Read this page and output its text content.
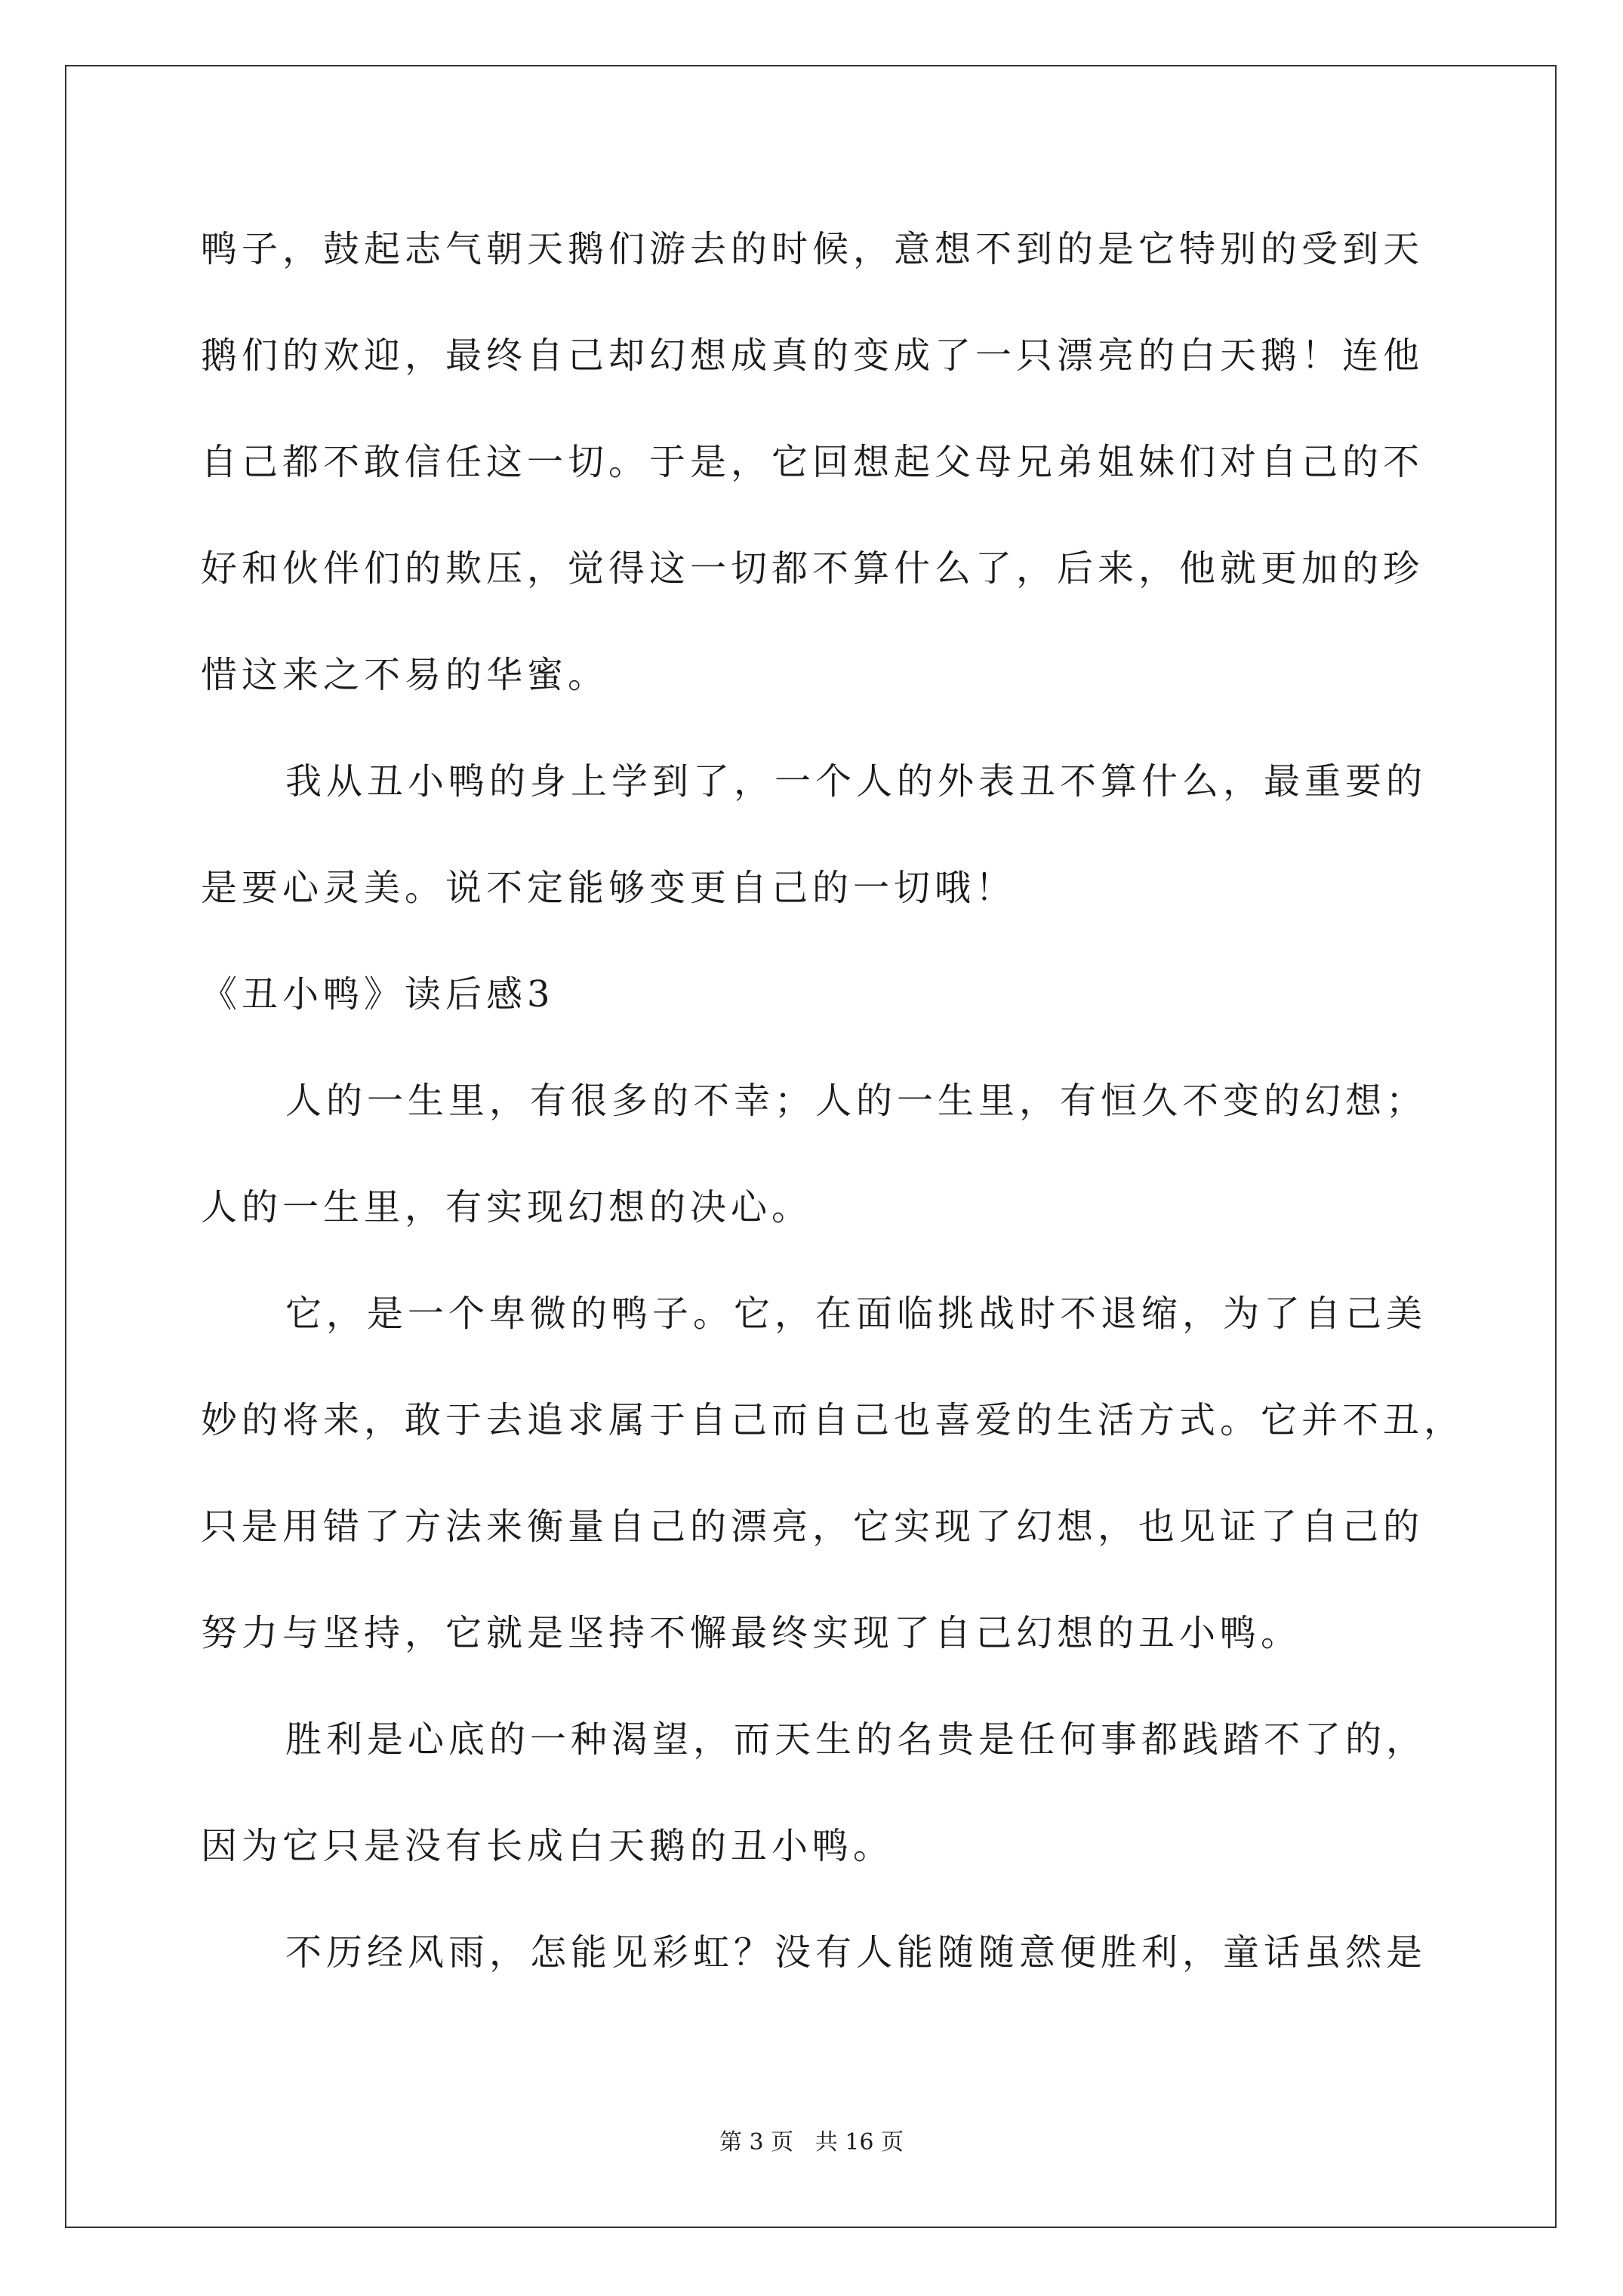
鸭子，鼓起志气朝天鹅们游去的时候，意想不到的是它特别的受到天
鹅们的欢迎，最终自己却幻想成真的变成了一只漂亮的白天鹅！连他
自己都不敢信任这一切。于是，它回想起父母兄弟姐妹们对自己的不
好和伙伴们的欺压，觉得这一切都不算什么了，后来，他就更加的珍
惜这来之不易的华蜜。
我从丑小鸭的身上学到了，一个人的外表丑不算什么，最重要的
是要心灵美。说不定能够变更自己的一切哦！
《丑小鸭》读后感3
人的一生里，有很多的不幸；人的一生里，有恒久不变的幻想；
人的一生里，有实现幻想的决心。
它，是一个卑微的鸭子。它，在面临挑战时不退缩，为了自己美
妙的将来，敢于去追求属于自己而自己也喜爱的生活方式。它并不丑，
只是用错了方法来衡量自己的漂亮，它实现了幻想，也见证了自己的
努力与坚持，它就是坚持不懈最终实现了自己幻想的丑小鸭。
胜利是心底的一种渴望，而天生的名贵是任何事都践踏不了的，
因为它只是没有长成白天鹅的丑小鸭。
不历经风雨，怎能见彩虹？没有人能随随意便胜利，童话虽然是
第 3 页   共 16 页
